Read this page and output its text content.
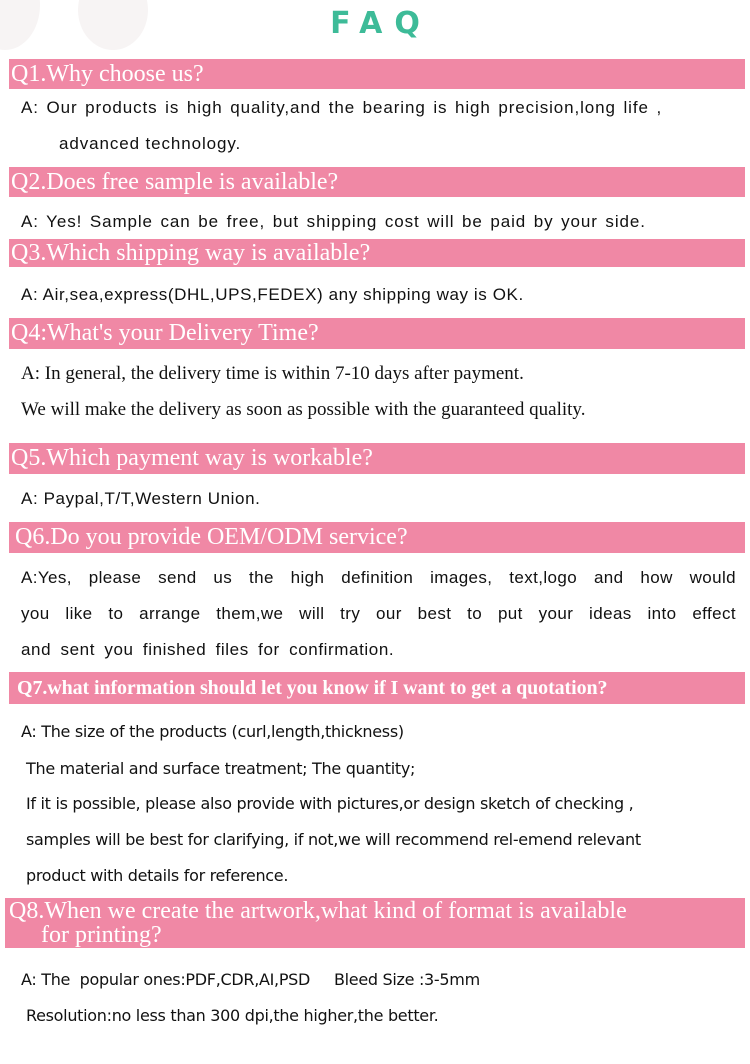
FAQ
Q1.Why choose us?
A: Our products is high quality,and the bearing is high precision,long life ,
advanced technology.
Q2.Does free sample is available?
A: Yes! Sample can be free, but shipping cost will be paid by your side.
Q3.Which shipping way is available?
A: Air,sea,express(DHL,UPS,FEDEX) any shipping way is OK.
Q4:What's your Delivery Time?
A: In general, the delivery time is within 7-10 days after payment.
We will make the delivery as soon as possible with the guaranteed quality.
Q5.Which payment way is workable?
A: Paypal,T/T,Western Union.
Q6.Do you provide OEM/ODM service?
A:Yes, please send us the high definition images, text,logo and how would
you like to arrange them,we will try our best to put your ideas into effect
and sent you finished files for confirmation.
Q7.what information should let you know if I want to get a quotation?
A: The size of the products (curl,length,thickness)
The material and surface treatment; The quantity;
If it is possible, please also provide with pictures,or design sketch of checking ,
samples will be best for clarifying, if not,we will recommend rel-emend relevant
product with details for reference.
Q8.When we create the artwork,what kind of format is available
for printing?
A: The  popular ones:PDF,CDR,AI,PSD     Bleed Size :3-5mm
Resolution:no less than 300 dpi,the higher,the better.
